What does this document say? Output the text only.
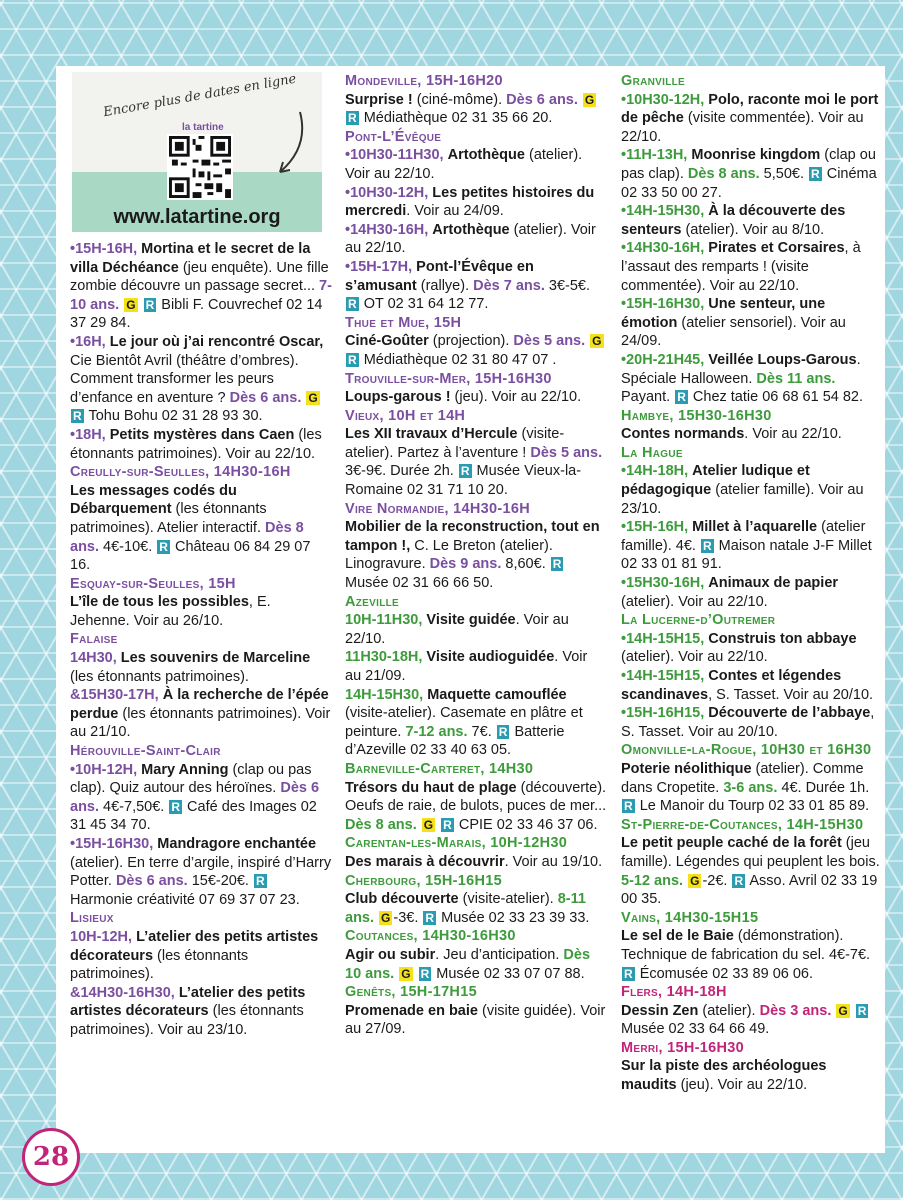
Encore plus de dates en ligne
la tartine
www.latartine.org
•15H-16H, Mortina et le secret de la villa Déchéance (jeu enquête). Une fille zombie découvre un passage secret... 7-10 ans. G R Bibli F. Couvrechef 02 14 37 29 84.
•16H, Le jour où j’ai rencontré Oscar, Cie Bientôt Avril (théâtre d’ombres). Comment transformer les peurs d’enfance en aventure ? Dès 6 ans. G R Tohu Bohu 02 31 28 93 30.
•18H, Petits mystères dans Caen (les étonnants patrimoines). Voir au 22/10.
Creully-sur-Seulles, 14H30-16H
Les messages codés du Débarquement (les étonnants patrimoines). Atelier interactif. Dès 8 ans. 4€-10€. R Château 06 84 29 07 16.
Esquay-sur-Seulles, 15H
L’île de tous les possibles, E. Jehenne. Voir au 26/10.
Falaise
14H30, Les souvenirs de Marceline (les étonnants patrimoines).
&15H30-17H, À la recherche de l’épée perdue (les étonnants patrimoines). Voir au 21/10.
Hérouville-Saint-Clair
•10H-12H, Mary Anning (clap ou pas clap). Quiz autour des héroïnes. Dès 6 ans. 4€-7,50€. R Café des Images 02 31 45 34 70.
•15H-16H30, Mandragore enchantée (atelier). En terre d’argile, inspiré d’Harry Potter. Dès 6 ans. 15€-20€. R Harmonie créativité 07 69 37 07 23.
Lisieux
10H-12H, L’atelier des petits artistes décorateurs (les étonnants patrimoines).
&14H30-16H30, L’atelier des petits artistes décorateurs (les étonnants patrimoines). Voir au 23/10.
Mondeville, 15H-16H20
Surprise ! (ciné-môme). Dès 6 ans. G R Médiathèque 02 31 35 66 20.
Pont-L’Évêque
•10H30-11H30, Artothèque (atelier). Voir au 22/10.
•10H30-12H, Les petites histoires du mercredi. Voir au 24/09.
•14H30-16H, Artothèque (atelier). Voir au 22/10.
•15H-17H, Pont-l’Évêque en s’amusant (rallye). Dès 7 ans. 3€-5€. R OT 02 31 64 12 77.
Thue et Mue, 15H
Ciné-Goûter (projection). Dès 5 ans. G R Médiathèque 02 31 80 47 07 .
Trouville-sur-Mer, 15H-16H30
Loups-garous ! (jeu). Voir au 22/10.
Vieux, 10H et 14H
Les XII travaux d’Hercule (visite-atelier). Partez à l’aventure ! Dès 5 ans. 3€-9€. Durée 2h. R Musée Vieux-la-Romaine 02 31 71 10 20.
Vire Normandie, 14H30-16H
Mobilier de la reconstruction, tout en tampon !, C. Le Breton (atelier). Linogravure. Dès 9 ans. 8,60€. R Musée 02 31 66 66 50.
Azeville
10H-11H30, Visite guidée. Voir au 22/10.
11H30-18H, Visite audioguidée. Voir au 21/09.
14H-15H30, Maquette camouflée (visite-atelier). Casemate en plâtre et peinture. 7-12 ans. 7€. R Batterie d’Azeville 02 33 40 63 05.
Barneville-Carteret, 14H30
Trésors du haut de plage (découverte). Oeufs de raie, de bulots, puces de mer... Dès 8 ans. G R CPIE 02 33 46 37 06.
Carentan-les-Marais, 10H-12H30
Des marais à découvrir. Voir au 19/10.
Cherbourg, 15H-16H15
Club découverte (visite-atelier). 8-11 ans. G -3€. R Musée 02 33 23 39 33.
Coutances, 14H30-16H30
Agir ou subir. Jeu d’anticipation. Dès 10 ans. G R Musée 02 33 07 07 88.
Genêts, 15H-17H15
Promenade en baie (visite guidée). Voir au 27/09.
Granville
•10H30-12H, Polo, raconte moi le port de pêche (visite commentée). Voir au 22/10.
•11H-13H, Moonrise kingdom (clap ou pas clap). Dès 8 ans. 5,50€. R Cinéma 02 33 50 00 27.
•14H-15H30, À la découverte des senteurs (atelier). Voir au 8/10.
•14H30-16H, Pirates et Corsaires, à l’assaut des remparts ! (visite commentée). Voir au 22/10.
•15H-16H30, Une senteur, une émotion (atelier sensoriel). Voir au 24/09.
•20H-21H45, Veillée Loups-Garous. Spéciale Halloween. Dès 11 ans. Payant. R Chez tatie 06 68 61 54 82.
Hambye, 15H30-16H30
Contes normands. Voir au 22/10.
La Hague
•14H-18H, Atelier ludique et pédagogique (atelier famille). Voir au 23/10.
•15H-16H, Millet à l’aquarelle (atelier famille). 4€. R Maison natale J-F Millet 02 33 01 81 91.
•15H30-16H, Animaux de papier (atelier). Voir au 22/10.
La Lucerne-d’Outremer
•14H-15H15, Construis ton abbaye (atelier). Voir au 22/10.
•14H-15H15, Contes et légendes scandinaves, S. Tasset. Voir au 20/10.
•15H-16H15, Découverte de l’abbaye, S. Tasset. Voir au 20/10.
Omonville-la-Rogue, 10H30 et 16H30
Poterie néolithique (atelier). Comme dans Cropetite. 3-6 ans. 4€. Durée 1h. R Le Manoir du Tourp 02 33 01 85 89.
St-Pierre-de-Coutances, 14H-15H30
Le petit peuple caché de la forêt (jeu famille). Légendes qui peuplent les bois. 5-12 ans. G -2€. R Asso. Avril 02 33 19 00 35.
Vains, 14H30-15H15
Le sel de le Baie (démonstration). Technique de fabrication du sel. 4€-7€. R Écomusée 02 33 89 06 06.
Flers, 14H-18H
Dessin Zen (atelier). Dès 3 ans. G R Musée 02 33 64 66 49.
Merri, 15H-16H30
Sur la piste des archéologues maudits (jeu). Voir au 22/10.
28
